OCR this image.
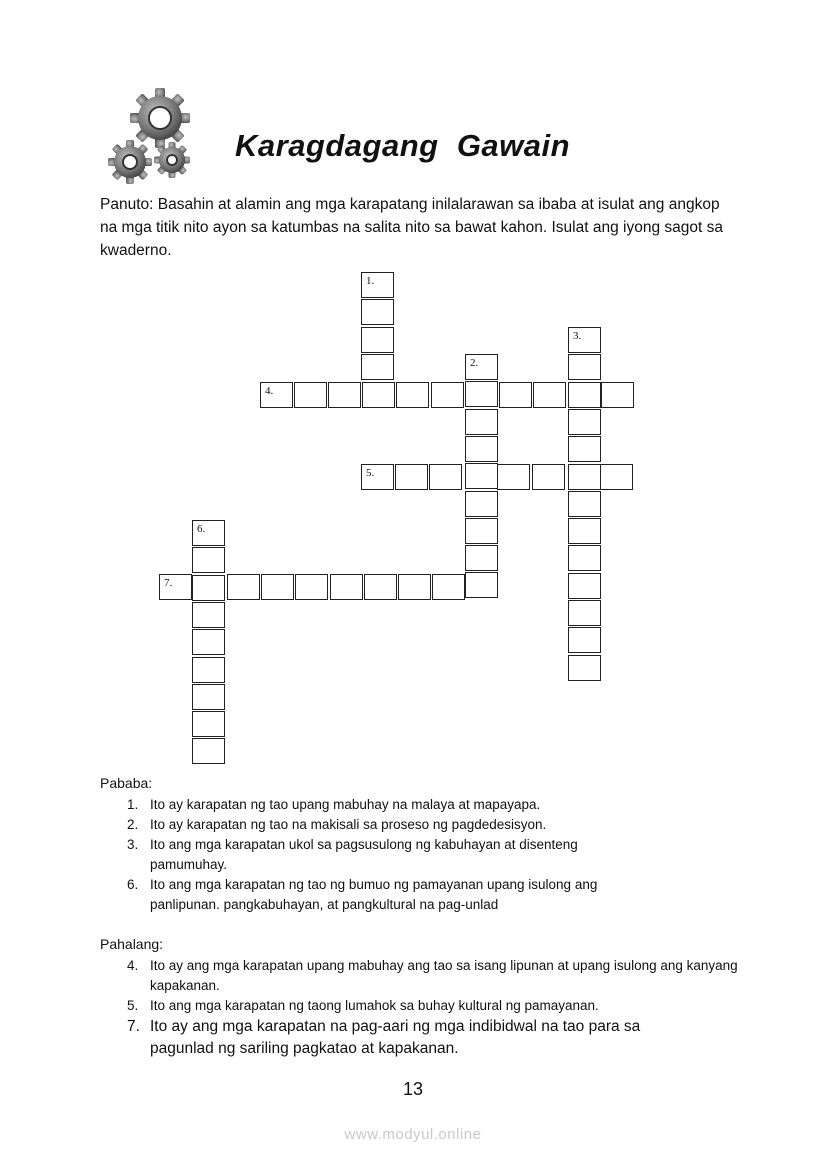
Karagdagang  Gawain

Panuto: Basahin at alamin ang mga karapatang inilalarawan sa ibaba at isulat ang angkop na mga titik nito ayon sa katumbas na salita nito sa bawat kahon. Isulat ang iyong sagot sa kwaderno.

1.
2.
3.
4.
5.
6.
7.

Pababa:

1. Ito ay karapatan ng tao upang mabuhay na malaya at mapayapa.

2. Ito ay karapatan ng tao na makisali sa proseso ng pagdedesisyon.

3. Ito ang mga karapatan ukol sa pagsusulong ng kabuhayan at disenteng pamumuhay.

6. Ito ang mga karapatan ng tao ng bumuo ng pamayanan upang isulong ang panlipunan. pangkabuhayan, at pangkultural na pag-unlad

Pahalang:

4. Ito ay ang mga karapatan upang mabuhay ang tao sa isang lipunan at upang isulong ang kanyang kapakanan.

5. Ito ang mga karapatan ng taong lumahok sa buhay kultural ng pamayanan.

7. Ito ay ang mga karapatan na pag-aari ng mga indibidwal na tao para sa pagunlad ng sariling pagkatao at kapakanan.

13
www.modyul.online
